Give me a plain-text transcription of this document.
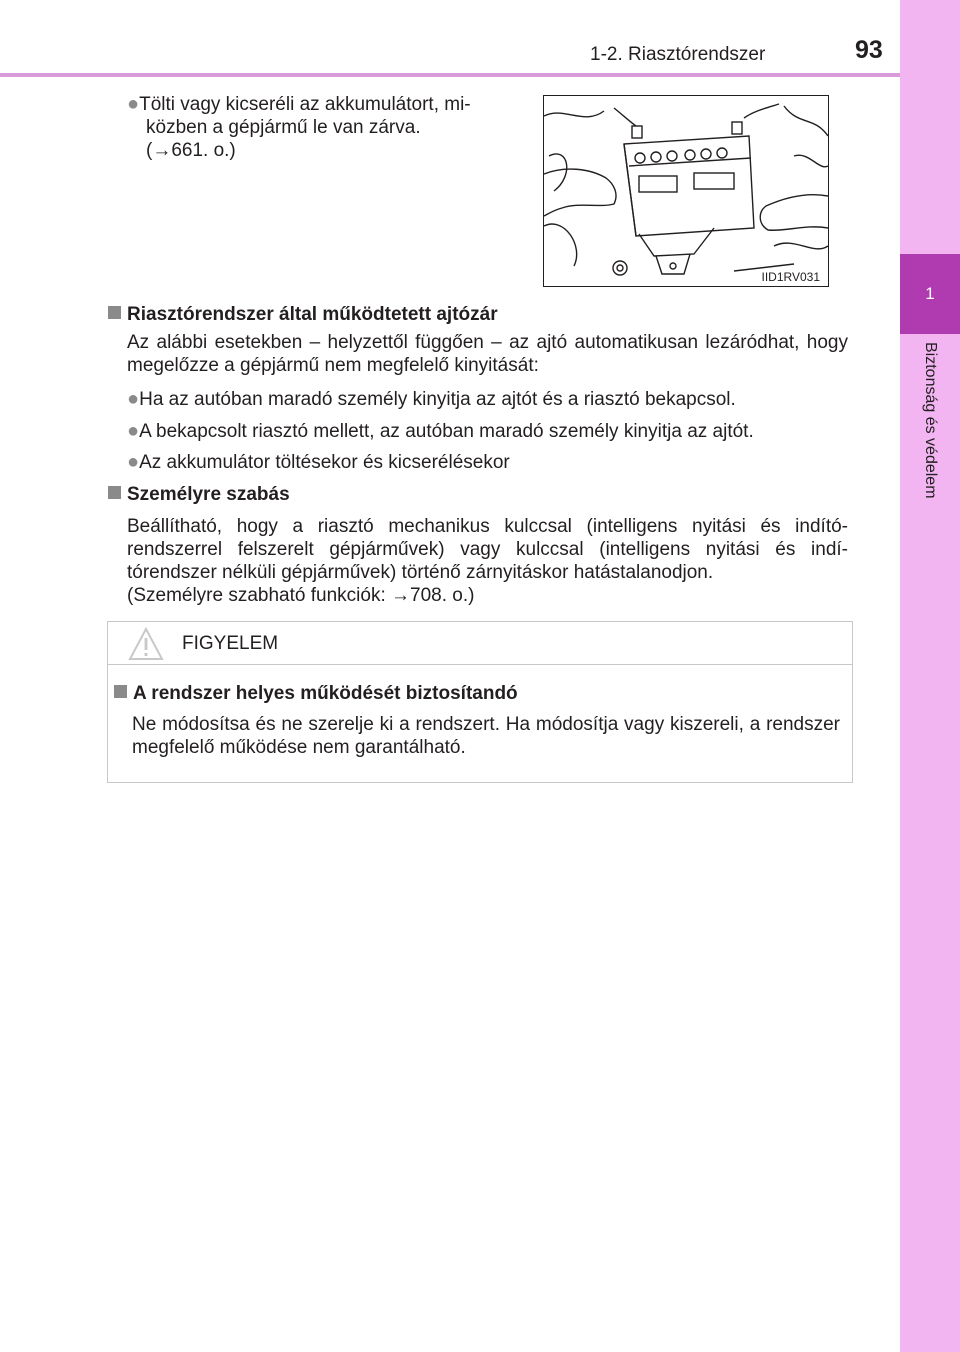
1-2. Riasztórendszer	93
1
Biztonság és védelem
●Tölti vagy kicseréli az akkumulátort, mi-
közben a gépjármű le van zárva.
(→661. o.)
IID1RV031
Riasztórendszer által működtetett ajtózár
Az alábbi esetekben – helyzettől függően – az ajtó automatikusan lezáródhat, hogy megelőzze a gépjármű nem megfelelő kinyitását:
●Ha az autóban maradó személy kinyitja az ajtót és a riasztó bekapcsol.
●A bekapcsolt riasztó mellett, az autóban maradó személy kinyitja az ajtót.
●Az akkumulátor töltésekor és kicserélésekor
Személyre szabás
Beállítható, hogy a riasztó mechanikus kulccsal (intelligens nyitási és indító-rendszerrel felszerelt gépjárművek) vagy kulccsal (intelligens nyitási és indí-tórendszer nélküli gépjárművek) történő zárnyitáskor hatástalanodjon.
(Személyre szabható funkciók: →708. o.)
FIGYELEM
A rendszer helyes működését biztosítandó
Ne módosítsa és ne szerelje ki a rendszert. Ha módosítja vagy kiszereli, a rendszer megfelelő működése nem garantálható.
